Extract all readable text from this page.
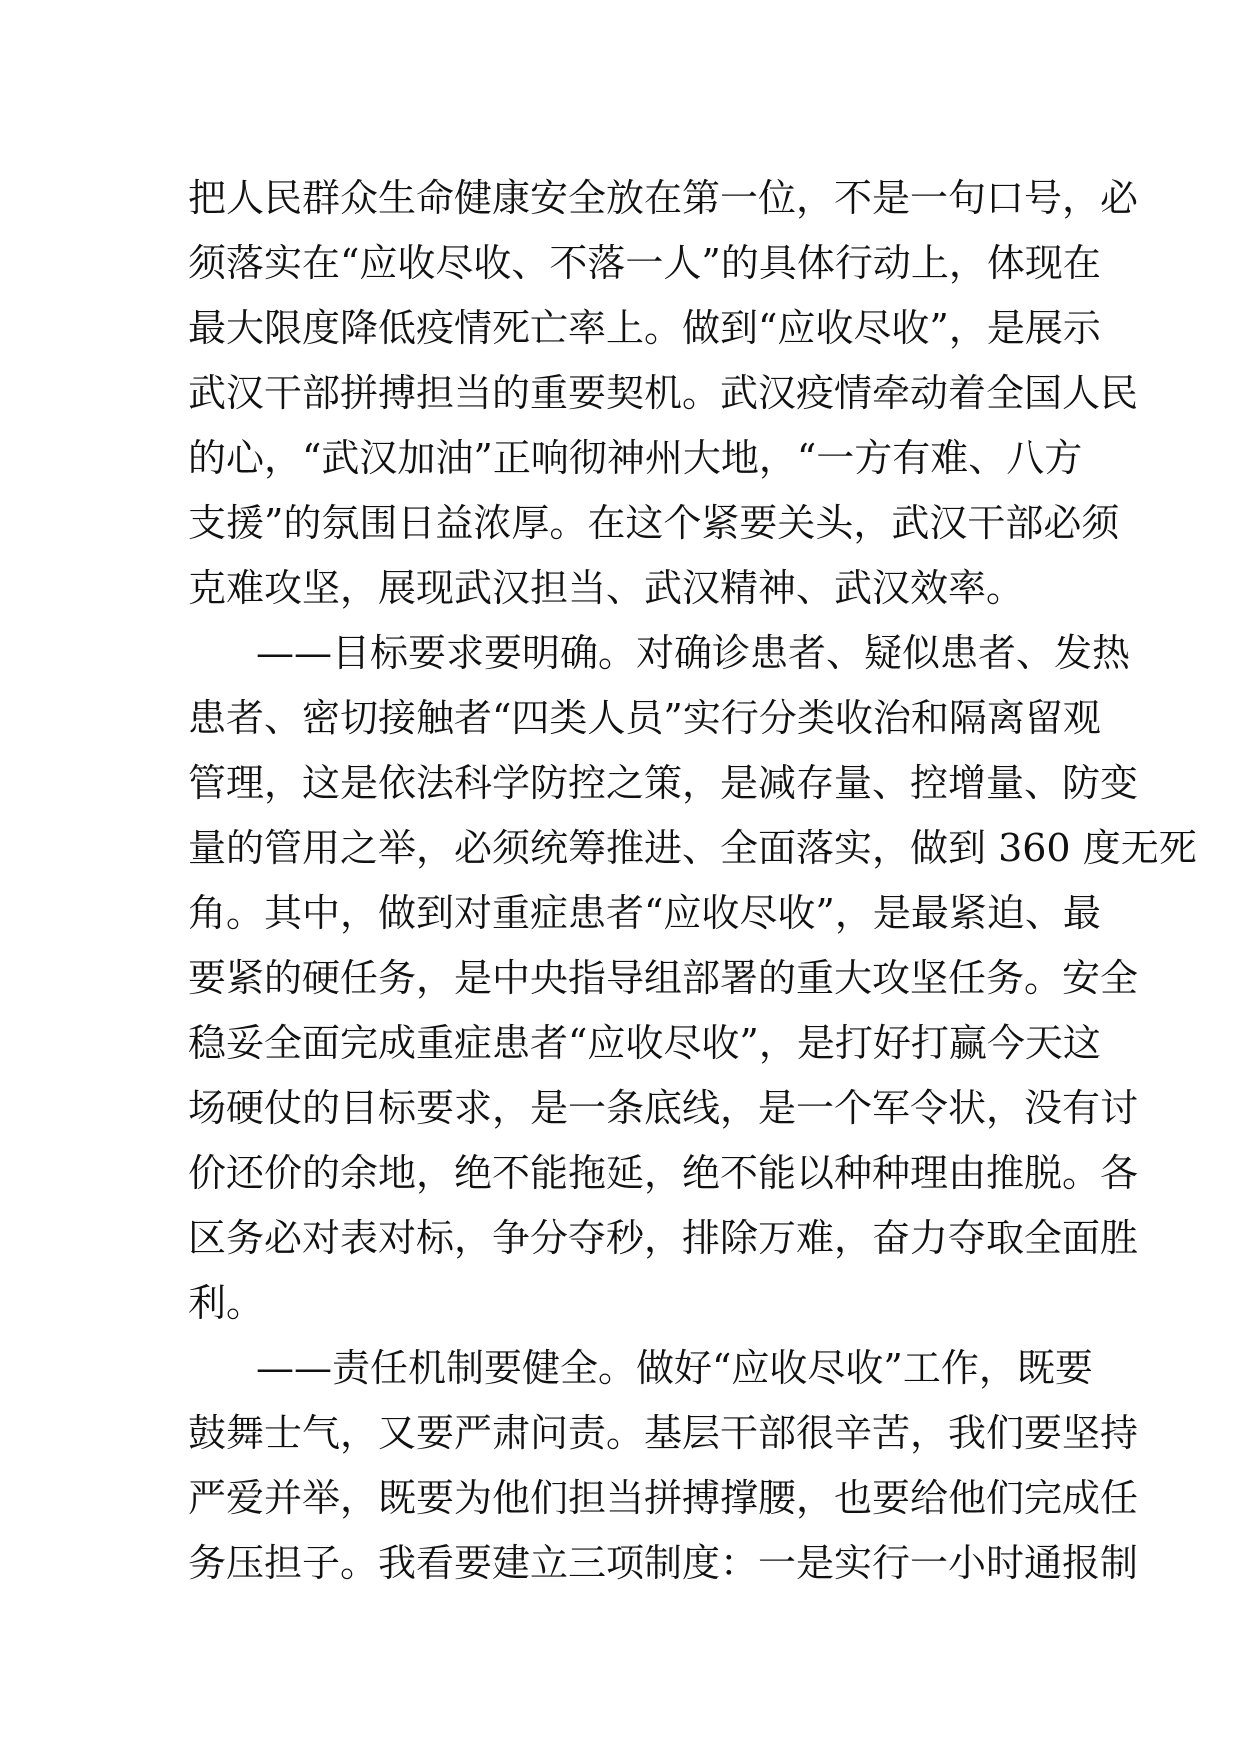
把人民群众生命健康安全放在第一位，不是一句口号，必
须落实在“应收尽收、不落一人”的具体行动上，体现在
最大限度降低疫情死亡率上。做到“应收尽收”，是展示
武汉干部拼搏担当的重要契机。武汉疫情牵动着全国人民
的心，“武汉加油”正响彻神州大地，“一方有难、八方
支援”的氛围日益浓厚。在这个紧要关头，武汉干部必须
克难攻坚，展现武汉担当、武汉精神、武汉效率。
——目标要求要明确。对确诊患者、疑似患者、发热
患者、密切接触者“四类人员”实行分类收治和隔离留观
管理，这是依法科学防控之策，是减存量、控增量、防变
量的管用之举，必须统筹推进、全面落实，做到 360 度无死
角。其中，做到对重症患者“应收尽收”，是最紧迫、最
要紧的硬任务，是中央指导组部署的重大攻坚任务。安全
稳妥全面完成重症患者“应收尽收”，是打好打赢今天这
场硬仗的目标要求，是一条底线，是一个军令状，没有讨
价还价的余地，绝不能拖延，绝不能以种种理由推脱。各
区务必对表对标，争分夺秒，排除万难，奋力夺取全面胜
利。
——责任机制要健全。做好“应收尽收”工作，既要
鼓舞士气，又要严肃问责。基层干部很辛苦，我们要坚持
严爱并举，既要为他们担当拼搏撑腰，也要给他们完成任
务压担子。我看要建立三项制度：一是实行一小时通报制
